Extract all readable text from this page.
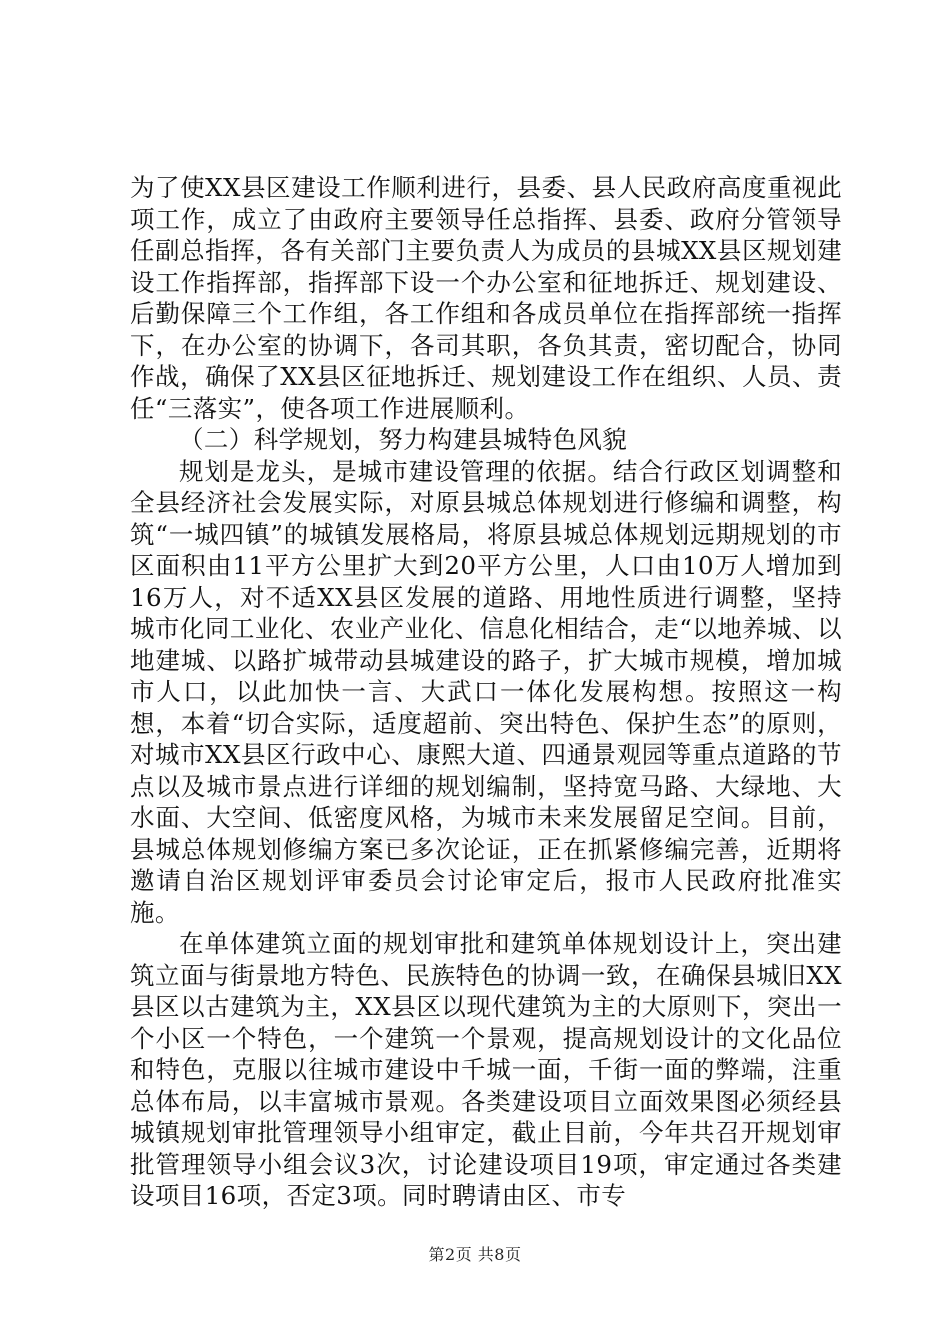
为了使XX县区建设工作顺利进行，县委、县人民政府高度重视此项工作，成立了由政府主要领导任总指挥、县委、政府分管领导任副总指挥，各有关部门主要负责人为成员的县城XX县区规划建设工作指挥部，指挥部下设一个办公室和征地拆迁、规划建设、后勤保障三个工作组，各工作组和各成员单位在指挥部统一指挥下，在办公室的协调下，各司其职，各负其责，密切配合，协同作战，确保了XX县区征地拆迁、规划建设工作在组织、人员、责任“三落实”，使各项工作进展顺利。

（二）科学规划，努力构建县城特色风貌

规划是龙头，是城市建设管理的依据。结合行政区划调整和全县经济社会发展实际，对原县城总体规划进行修编和调整，构筑“一城四镇”的城镇发展格局，将原县城总体规划远期规划的市区面积由11平方公里扩大到20平方公里，人口由10万人增加到16万人，对不适XX县区发展的道路、用地性质进行调整，坚持城市化同工业化、农业产业化、信息化相结合，走“以地养城、以地建城、以路扩城带动县城建设的路子，扩大城市规模，增加城市人口，以此加快一言、大武口一体化发展构想。按照这一构想，本着“切合实际，适度超前、突出特色、保护生态”的原则，对城市XX县区行政中心、康熙大道、四通景观园等重点道路的节点以及城市景点进行详细的规划编制，坚持宽马路、大绿地、大水面、大空间、低密度风格，为城市未来发展留足空间。目前，县城总体规划修编方案已多次论证，正在抓紧修编完善，近期将邀请自治区规划评审委员会讨论审定后，报市人民政府批准实施。

在单体建筑立面的规划审批和建筑单体规划设计上，突出建筑立面与街景地方特色、民族特色的协调一致，在确保县城旧XX县区以古建筑为主，XX县区以现代建筑为主的大原则下，突出一个小区一个特色，一个建筑一个景观，提高规划设计的文化品位和特色，克服以往城市建设中千城一面，千街一面的弊端，注重总体布局，以丰富城市景观。各类建设项目立面效果图必须经县城镇规划审批管理领导小组审定，截止目前，今年共召开规划审批管理领导小组会议3次，讨论建设项目19项，审定通过各类建设项目16项，否定3项。同时聘请由区、市专

第2页 共8页
